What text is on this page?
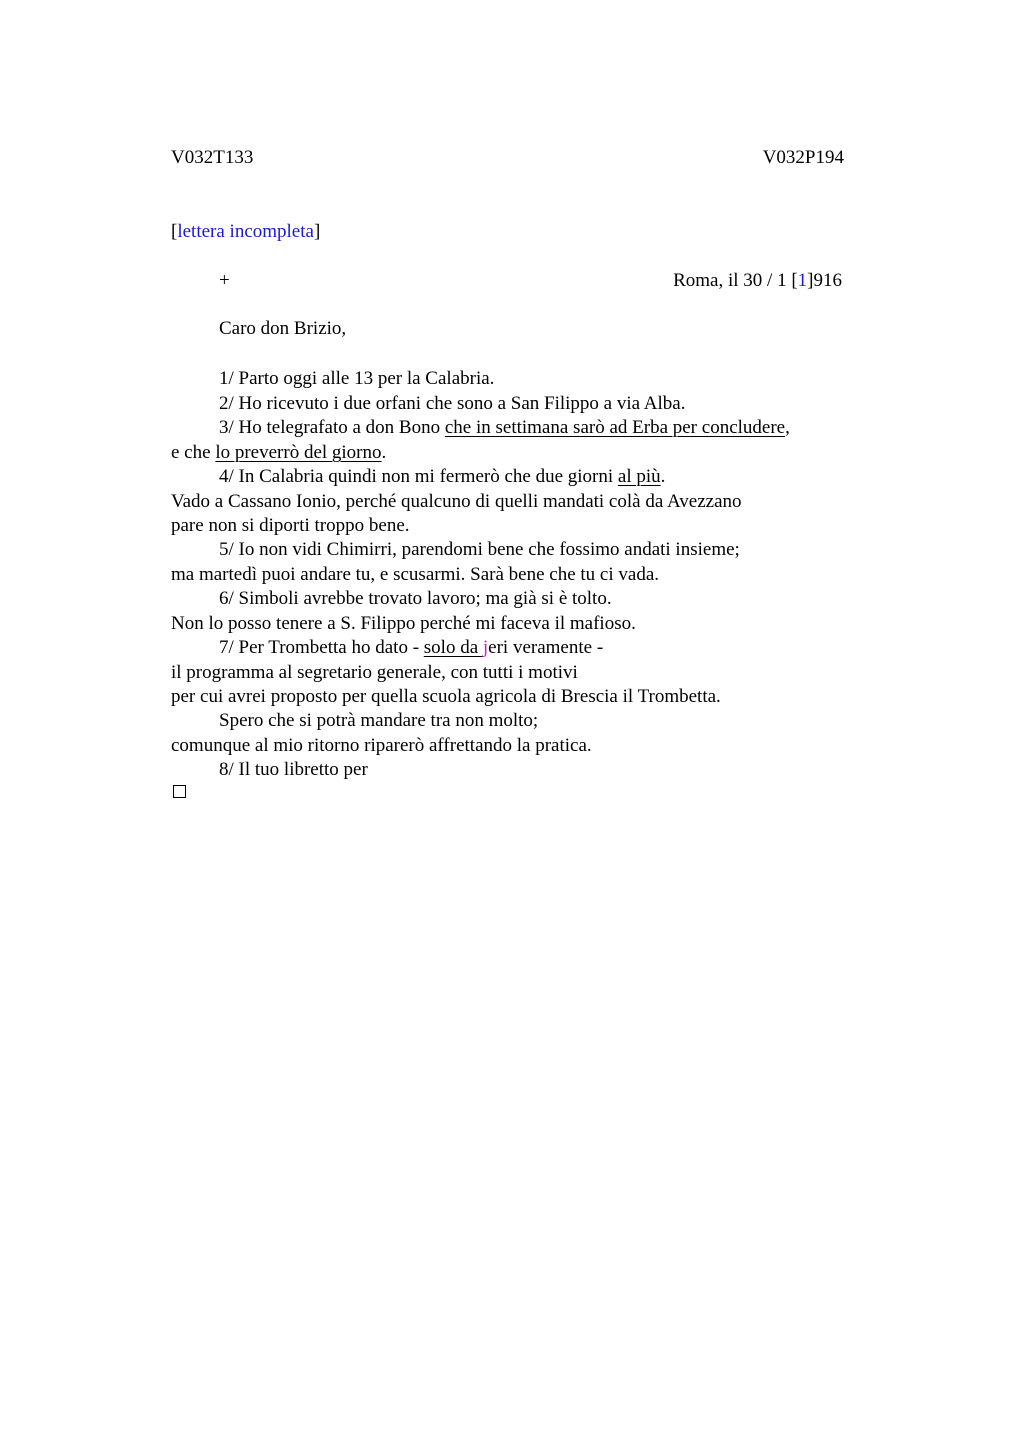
V032T133	V032P194
[lettera incompleta]
+	Roma, il 30 / 1 [1]916
Caro don Brizio,
1/ Parto oggi alle 13 per la Calabria.
2/ Ho ricevuto i due orfani che sono a San Filippo a via Alba.
3/ Ho telegrafato a don Bono che in settimana sarò ad Erba per concludere,
e che lo preverrò del giorno.
4/ In Calabria quindi non mi fermerò che due giorni al più.
Vado a Cassano Ionio, perché qualcuno di quelli mandati colà da Avezzano
pare non si diporti troppo bene.
5/ Io non vidi Chimirri, parendomi bene che fossimo andati insieme;
ma martedì puoi andare tu, e scusarmi. Sarà bene che tu ci vada.
6/ Simboli avrebbe trovato lavoro; ma già si è tolto.
Non lo posso tenere a S. Filippo perché mi faceva il mafioso.
7/ Per Trombetta ho dato - solo da jeri veramente -
il programma al segretario generale, con tutti i motivi
per cui avrei proposto per quella scuola agricola di Brescia il Trombetta.
Spero che si potrà mandare tra non molto;
comunque al mio ritorno riparerò affrettando la pratica.
8/ Il tuo libretto per
